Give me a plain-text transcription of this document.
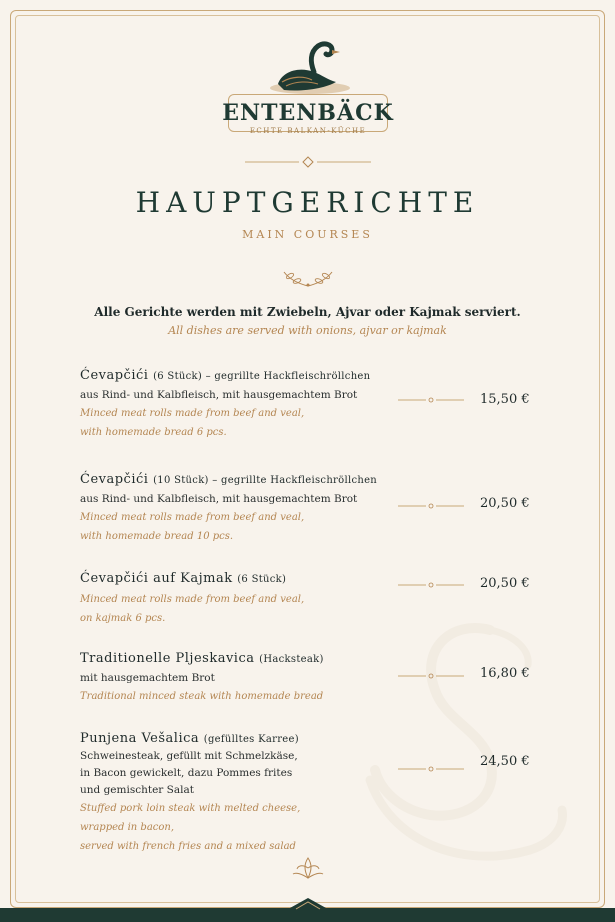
ENTENBÄCK
ECHTE BALKAN-KÜCHE
HAUPTGERICHTE
MAIN COURSES
Alle Gerichte werden mit Zwiebeln, Ajvar oder Kajmak serviert.
All dishes are served with onions, ajvar or kajmak
Ćevapčići (6 Stück) – gegrillte Hackfleischröllchen
aus Rind- und Kalbfleisch, mit hausgemachtem Brot
Minced meat rolls made from beef and veal,
with homemade bread 6 pcs.
15,50 €
Ćevapčići (10 Stück) – gegrillte Hackfleischröllchen
aus Rind- und Kalbfleisch, mit hausgemachtem Brot
Minced meat rolls made from beef and veal,
with homemade bread 10 pcs.
20,50 €
Ćevapčići auf Kajmak (6 Stück)
Minced meat rolls made from beef and veal,
on kajmak 6 pcs.
20,50 €
Traditionelle Pljeskavica (Hacksteak)
mit hausgemachtem Brot
Traditional minced steak with homemade bread
16,80 €
Punjena Vešalica (gefülltes Karree)
Schweinesteak, gefüllt mit Schmelzkäse,
in Bacon gewickelt, dazu Pommes frites
und gemischter Salat
Stuffed pork loin steak with melted cheese,
wrapped in bacon,
served with french fries and a mixed salad
24,50 €
